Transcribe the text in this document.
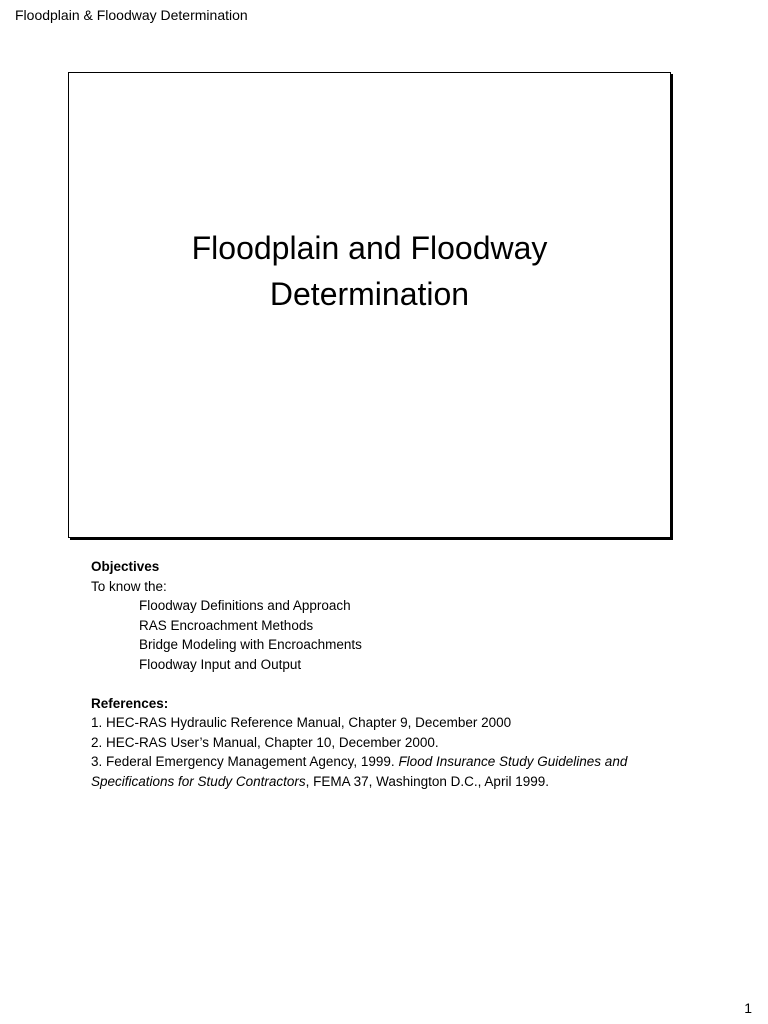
Floodplain & Floodway Determination
Floodplain and Floodway
Determination
Objectives
To know the:
Floodway Definitions and Approach
RAS Encroachment Methods
Bridge Modeling with Encroachments
Floodway Input and Output
References:
1. HEC-RAS Hydraulic Reference Manual, Chapter 9, December 2000
2. HEC-RAS User’s Manual, Chapter 10, December 2000.
3. Federal Emergency Management Agency, 1999. Flood Insurance Study Guidelines and
Specifications for Study Contractors, FEMA 37, Washington D.C., April 1999.
1
